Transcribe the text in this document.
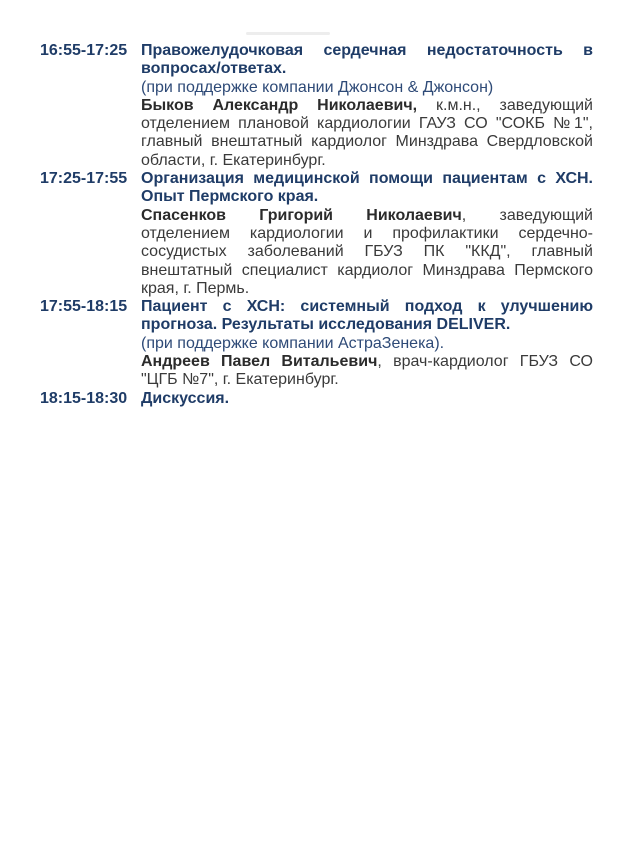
16:55-17:25 Правожелудочковая сердечная недостаточность в вопросах/ответах.

(при поддержке компании Джонсон & Джонсон)

Быков Александр Николаевич, к.м.н., заведующий отделением плановой кардиологии ГАУЗ СО "СОКБ №1", главный внештатный кардиолог Минздрава Свердловской области, г. Екатеринбург.

17:25-17:55 Организация медицинской помощи пациентам с ХСН. Опыт Пермского края.

Спасенков Григорий Николаевич, заведующий отделением кардиологии и профилактики сердечно-сосудистых заболеваний ГБУЗ ПК "ККД", главный внештатный специалист кардиолог Минздрава Пермского края, г. Пермь.

17:55-18:15 Пациент с ХСН: системный подход к улучшению прогноза. Результаты исследования DELIVER.

(при поддержке компании АстраЗенека).

Андреев Павел Витальевич, врач-кардиолог ГБУЗ СО "ЦГБ №7", г. Екатеринбург.

18:15-18:30 Дискуссия.
